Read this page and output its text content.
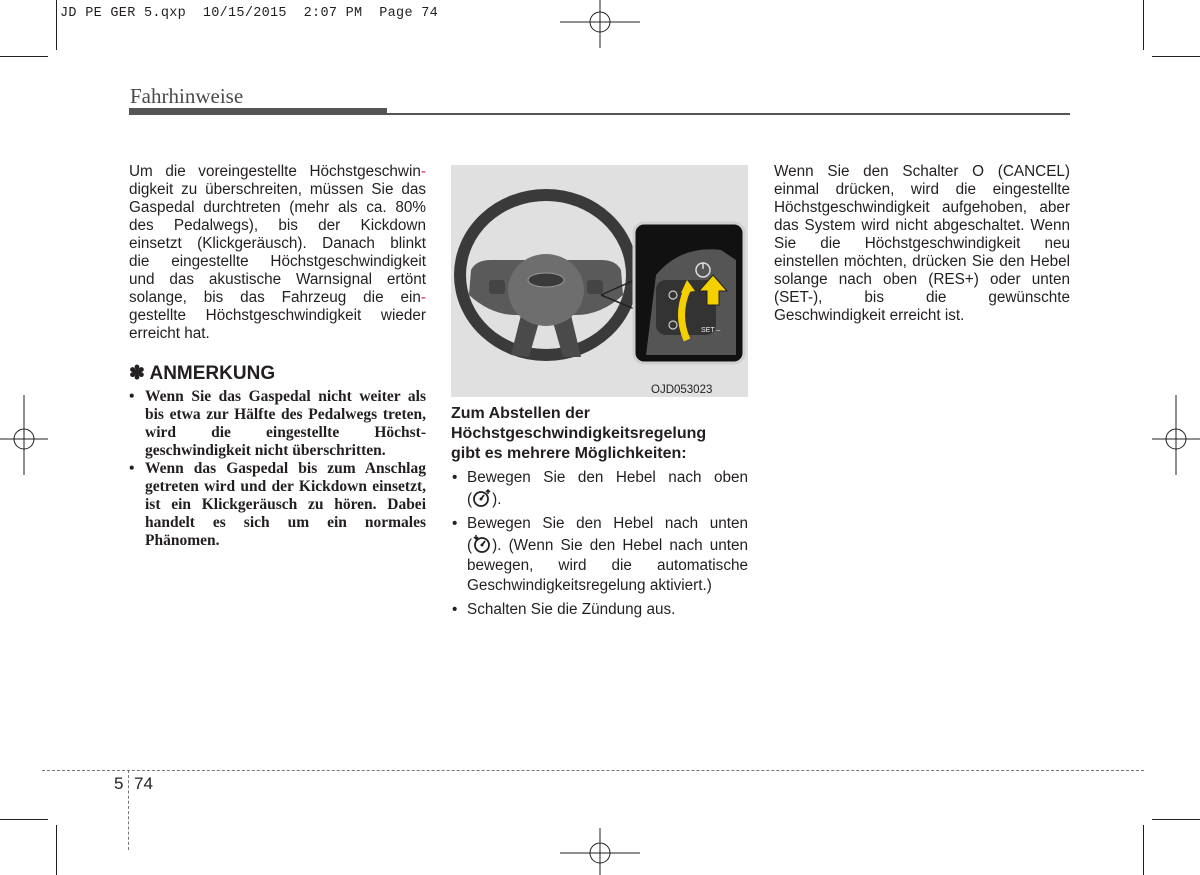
JD PE GER 5.qxp  10/15/2015  2:07 PM  Page 74
Fahrhinweise
Um die voreingestellte Höchstgeschwin-
digkeit zu überschreiten, müssen Sie das
Gaspedal durchtreten (mehr als ca. 80%
des Pedalwegs), bis der Kickdown
einsetzt (Klickgeräusch). Danach blinkt
die eingestellte Höchstgeschwindigkeit
und das akustische Warnsignal ertönt
solange, bis das Fahrzeug die ein-
gestellte Höchstgeschwindigkeit wieder
erreicht hat.
✽ ANMERKUNG
• Wenn Sie das Gaspedal nicht weiter als bis etwa zur Hälfte des Pedalwegs treten, wird die eingestellte Höchst-geschwindigkeit nicht überschritten.
• Wenn das Gaspedal bis zum Anschlag getreten wird und der Kickdown einsetzt, ist ein Klickgeräusch zu hören. Dabei handelt es sich um ein normales Phänomen.
SET ‒
OJD053023
Zum Abstellen der
Höchstgeschwindigkeitsregelung
gibt es mehrere Möglichkeiten:
• Bewegen Sie den Hebel nach oben
( ).
• Bewegen Sie den Hebel nach unten
( ). (Wenn Sie den Hebel nach unten bewegen, wird die automatische Geschwindigkeitsregelung aktiviert.)
• Schalten Sie die Zündung aus.
Wenn Sie den Schalter O (CANCEL) einmal drücken, wird die eingestellte Höchstgeschwindigkeit aufgehoben, aber das System wird nicht abgeschaltet. Wenn Sie die Höchstgeschwindigkeit neu einstellen möchten, drücken Sie den Hebel solange nach oben (RES+) oder unten (SET-), bis die gewünschte Geschwindigkeit erreicht ist.
5 74
